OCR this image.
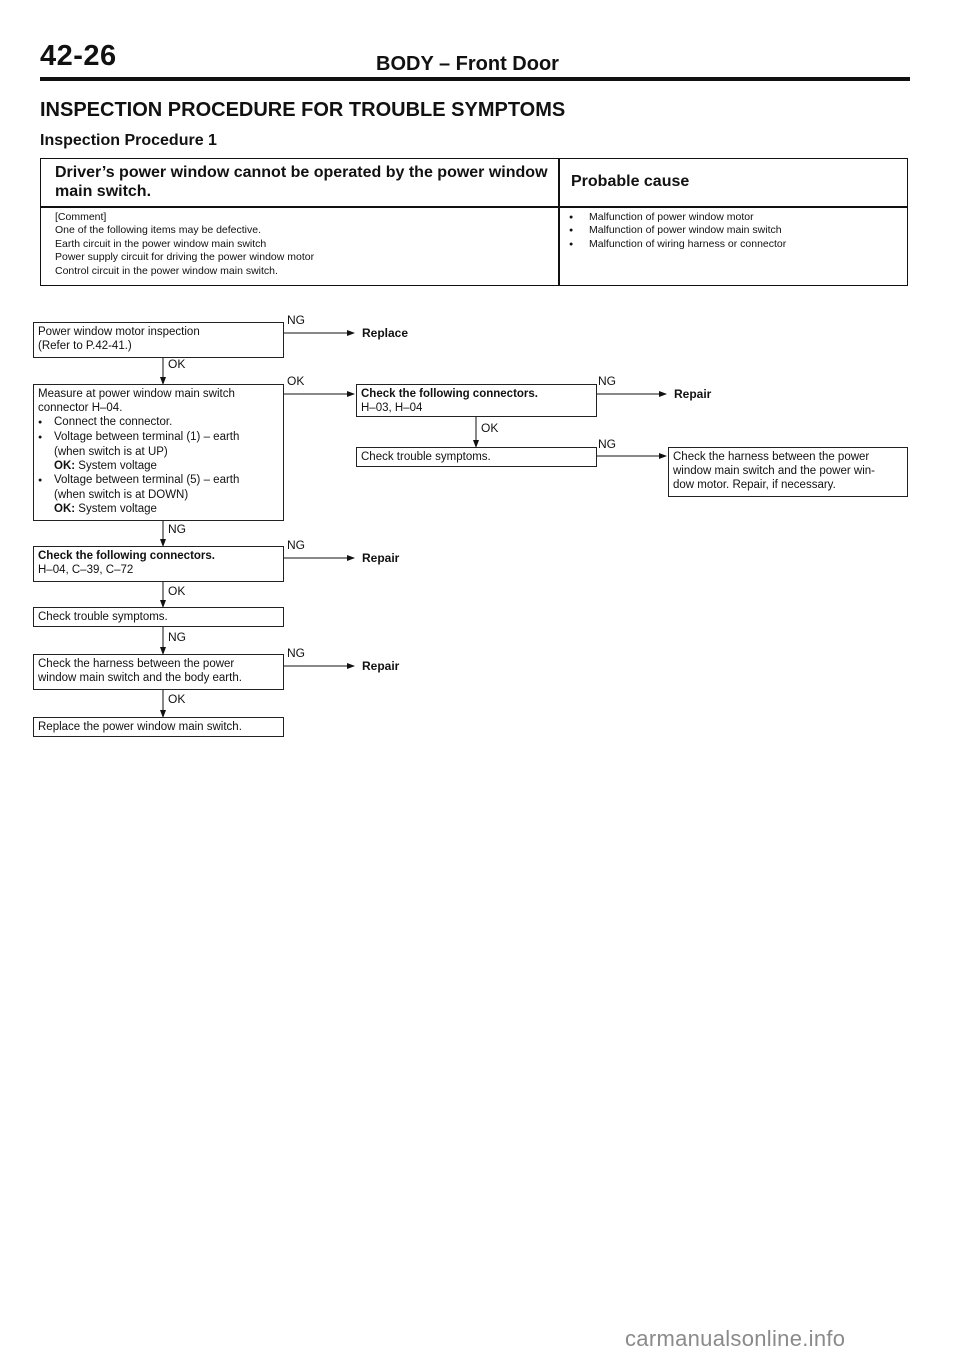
42-26	BODY – Front Door
INSPECTION PROCEDURE FOR TROUBLE SYMPTOMS
Inspection Procedure 1
Driver’s power window cannot be operated by the power window main switch.
Probable cause
[Comment]
One of the following items may be defective.
Earth circuit in the power window main switch
Power supply circuit for driving the power window motor
Control circuit in the power window main switch.
● Malfunction of power window motor
● Malfunction of power window main switch
● Malfunction of wiring harness or connector
Power window motor inspection
(Refer to P.42-41.)
Measure at power window main switch
connector H–04.
● Connect the connector.
● Voltage between terminal (1) – earth
(when switch is at UP)
OK: System voltage
● Voltage between terminal (5) – earth
(when switch is at DOWN)
OK: System voltage
Check the following connectors.
H–04, C–39, C–72
Check trouble symptoms.
Check the harness between the power
window main switch and the body earth.
Replace the power window main switch.
Check the following connectors.
H–03, H–04
Check trouble symptoms.	Check the harness between the power
window main switch and the power win-
dow motor. Repair, if necessary.
NG
OK
OK	NG
OK
NG
NG
NG
OK
NG
NG
OK
Replace
Repair
Repair
Repair
carmanualsonline.info
